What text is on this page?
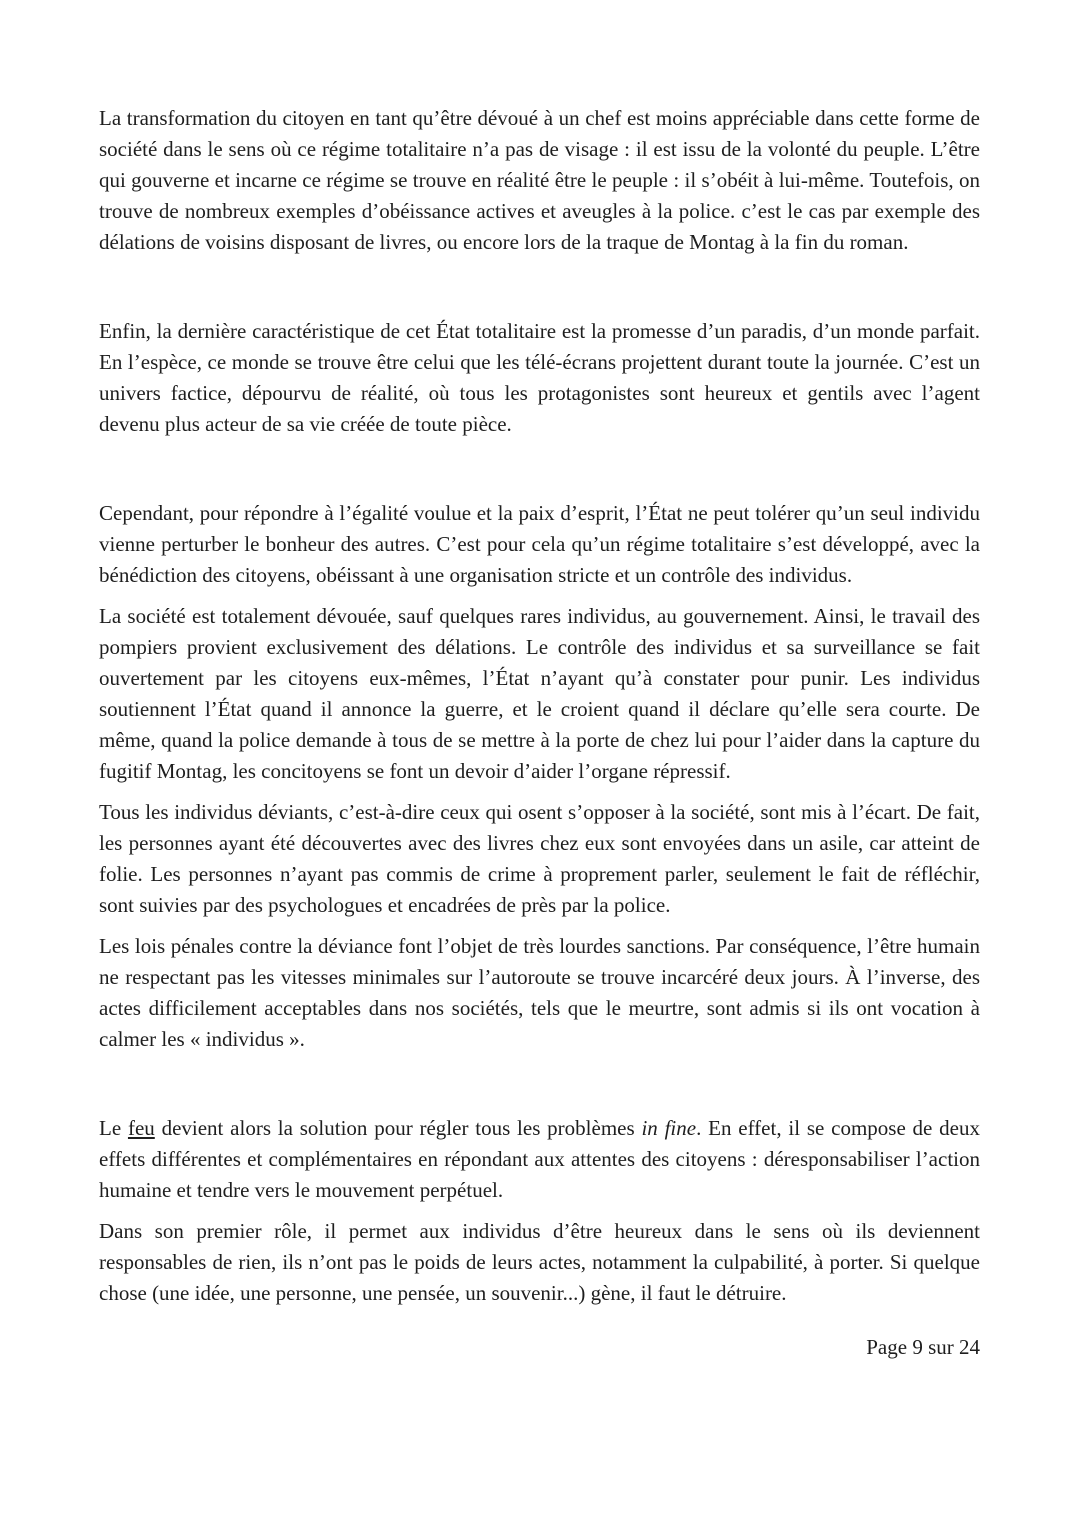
La transformation du citoyen en tant qu’être dévoué à un chef est moins appréciable dans cette forme de société dans le sens où ce régime totalitaire n’a pas de visage : il est issu de la volonté du peuple. L’être qui gouverne et incarne ce régime se trouve en réalité être le peuple : il s’obéit à lui-même. Toutefois, on trouve de nombreux exemples d’obéissance actives et aveugles à la police. c’est le cas par exemple des délations de voisins disposant de livres, ou encore lors de la traque de Montag à la fin du roman.

Enfin, la dernière caractéristique de cet État totalitaire est la promesse d’un paradis, d’un monde parfait. En l’espèce, ce monde se trouve être celui que les télé-écrans projettent durant toute la journée. C’est un univers factice, dépourvu de réalité, où tous les protagonistes sont heureux et gentils avec l’agent devenu plus acteur de sa vie créée de toute pièce.

Cependant, pour répondre à l’égalité voulue et la paix d’esprit, l’État ne peut tolérer qu’un seul individu vienne perturber le bonheur des autres. C’est pour cela qu’un régime totalitaire s’est développé, avec la bénédiction des citoyens, obéissant à une organisation stricte et un contrôle des individus.

La société est totalement dévouée, sauf quelques rares individus, au gouvernement. Ainsi, le travail des pompiers provient exclusivement des délations. Le contrôle des individus et sa surveillance se fait ouvertement par les citoyens eux-mêmes, l’État n’ayant qu’à constater pour punir. Les individus soutiennent l’État quand il annonce la guerre, et le croient quand il déclare qu’elle sera courte. De même, quand la police demande à tous de se mettre à la porte de chez lui pour l’aider dans la capture du fugitif Montag, les concitoyens se font un devoir d’aider l’organe répressif.

Tous les individus déviants, c’est-à-dire ceux qui osent s’opposer à la société, sont mis à l’écart. De fait, les personnes ayant été découvertes avec des livres chez eux sont envoyées dans un asile, car atteint de folie. Les personnes n’ayant pas commis de crime à proprement parler, seulement le fait de réfléchir, sont suivies par des psychologues et encadrées de près par la police.

Les lois pénales contre la déviance font l’objet de très lourdes sanctions. Par conséquence, l’être humain ne respectant pas les vitesses minimales sur l’autoroute se trouve incarcéré deux jours. À l’inverse, des actes difficilement acceptables dans nos sociétés, tels que le meurtre, sont admis si ils ont vocation à calmer les « individus ».

Le feu devient alors la solution pour régler tous les problèmes in fine. En effet, il se compose de deux effets différentes et complémentaires en répondant aux attentes des citoyens : déresponsabiliser l’action humaine et tendre vers le mouvement perpétuel.

Dans son premier rôle, il permet aux individus d’être heureux dans le sens où ils deviennent responsables de rien, ils n’ont pas le poids de leurs actes, notamment la culpabilité, à porter. Si quelque chose (une idée, une personne, une pensée, un souvenir...) gène, il faut le détruire.

Page 9 sur 24
